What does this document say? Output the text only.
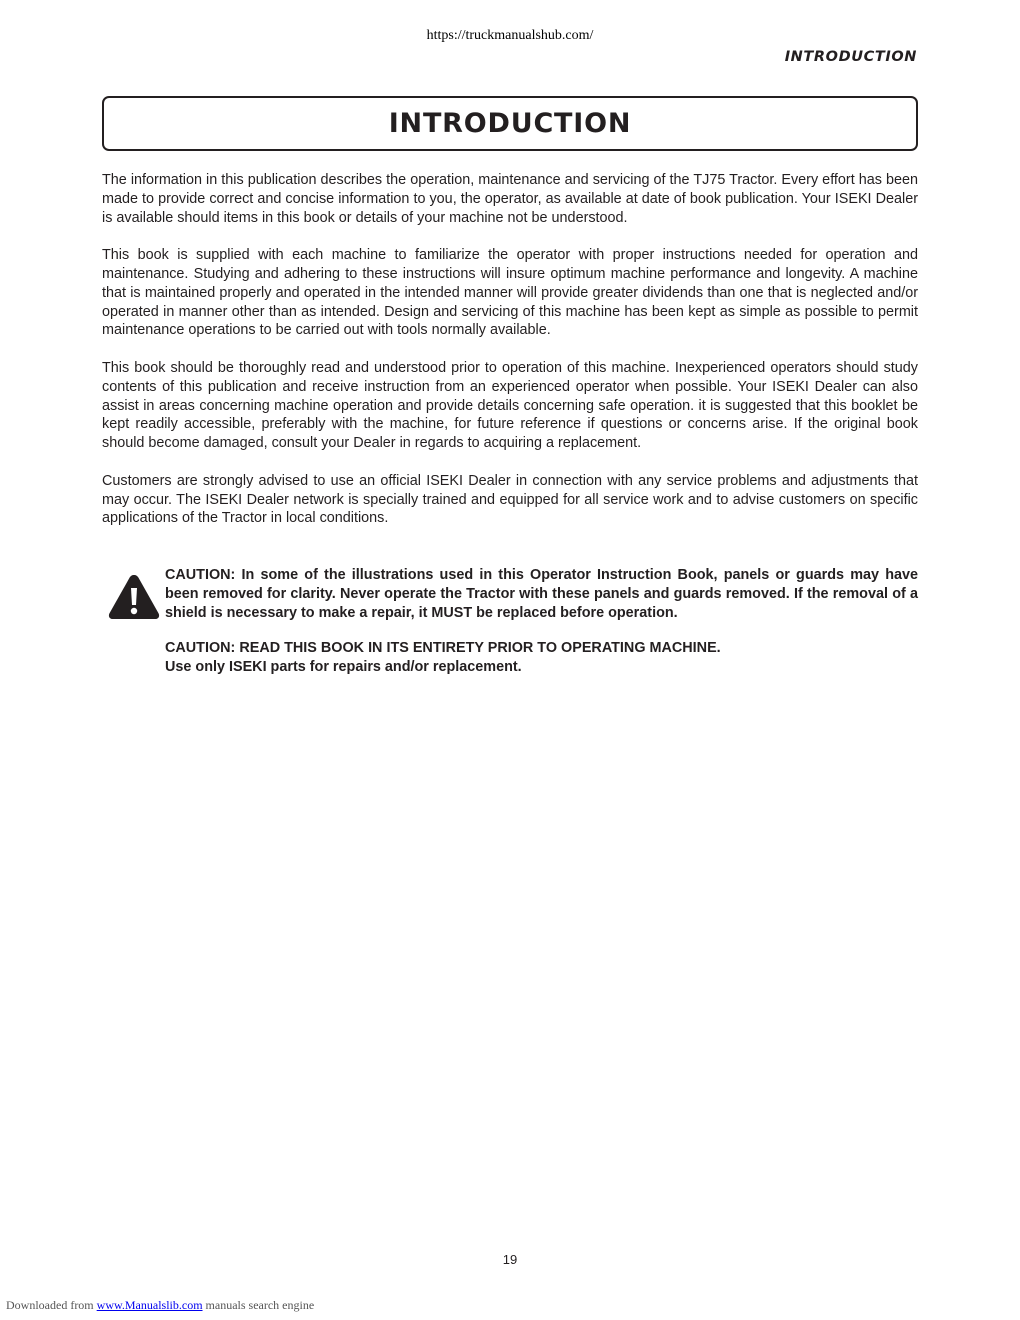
https://truckmanualshub.com/
INTRODUCTION
INTRODUCTION

The information in this publication describes the operation, maintenance and servicing of the TJ75 Tractor. Every effort has been made to provide correct and concise information to you, the operator, as available at date of book publication. Your ISEKI Dealer is available should items in this book or details of your machine not be understood.

This book is supplied with each machine to familiarize the operator with proper instructions needed for operation and maintenance. Studying and adhering to these instructions will insure optimum machine performance and longevity. A machine that is maintained properly and operated in the intended manner will provide greater dividends than one that is neglected and/or operated in manner other than as intended. Design and servicing of this machine has been kept as simple as possible to permit maintenance operations to be carried out with tools normally available.

This book should be thoroughly read and understood prior to operation of this machine. Inexperienced operators should study contents of this publication and receive instruction from an experienced operator when possible. Your ISEKI Dealer can also assist in areas concerning machine operation and provide details concerning safe operation. it is suggested that this booklet be kept readily accessible, preferably with the machine, for future reference if questions or concerns arise. If the original book should become damaged, consult your Dealer in regards to acquiring a replacement.

Customers are strongly advised to use an official ISEKI Dealer in connection with any service problems and adjustments that may occur. The ISEKI Dealer network is specially trained and equipped for all service work and to advise customers on specific applications of the Tractor in local conditions.

CAUTION: In some of the illustrations used in this Operator Instruction Book, panels or guards may have been removed for clarity. Never operate the Tractor with these panels and guards removed. If the removal of a shield is necessary to make a repair, it MUST be replaced before operation.

CAUTION: READ THIS BOOK IN ITS ENTIRETY PRIOR TO OPERATING MACHINE.

Use only ISEKI parts for repairs and/or replacement.

19
Downloaded from www.Manualslib.com manuals search engine
